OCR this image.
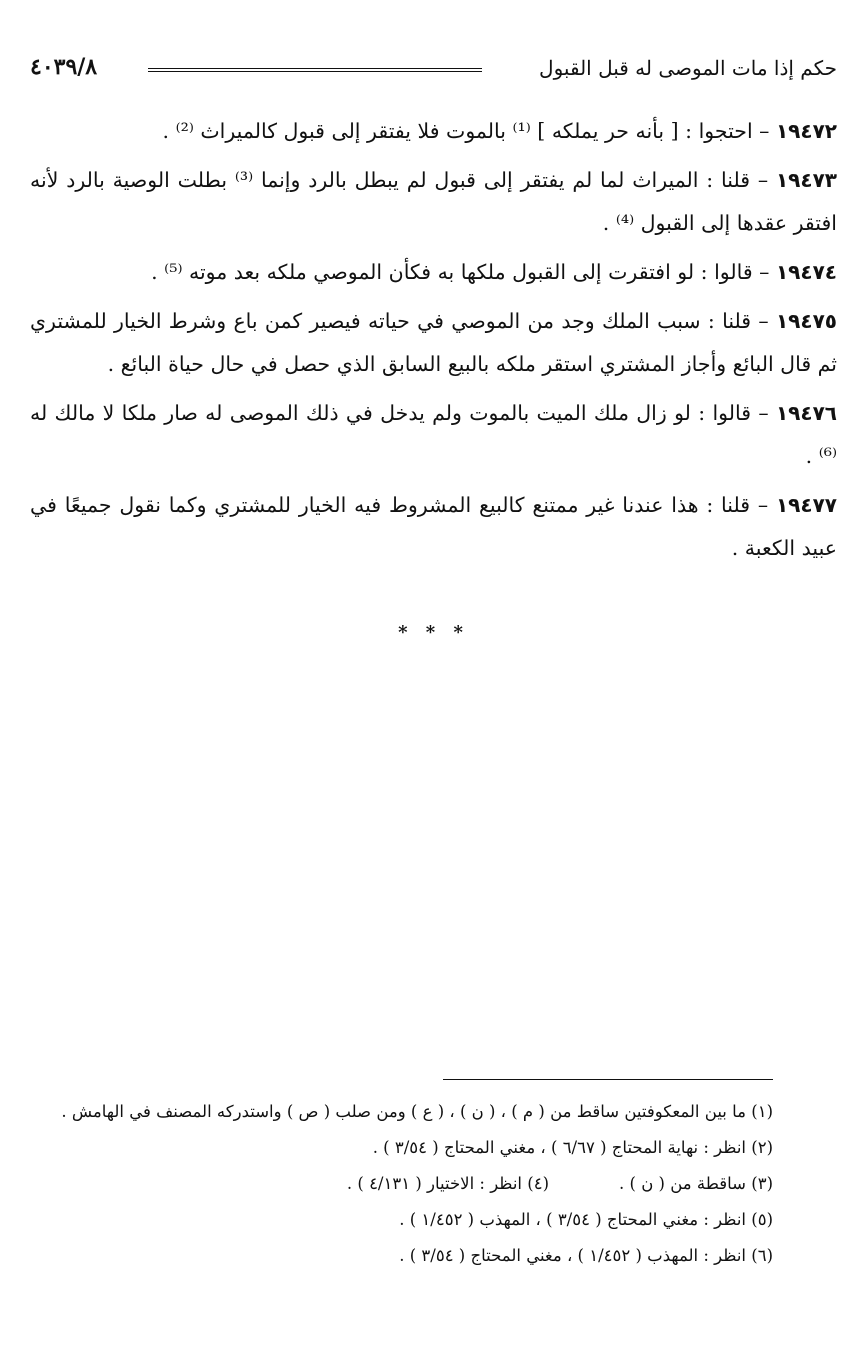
حكم إذا مات الموصى له قبل القبول
٤٠٣٩/٨

١٩٤٧٢ – احتجوا : [ بأنه حر يملكه ] ⁽¹⁾ بالموت فلا يفتقر إلى قبول كالميراث ⁽²⁾ .

١٩٤٧٣ – قلنا : الميراث لما لم يفتقر إلى قبول لم يبطل بالرد وإنما ⁽³⁾ بطلت الوصية بالرد لأنه افتقر عقدها إلى القبول ⁽⁴⁾ .

١٩٤٧٤ – قالوا : لو افتقرت إلى القبول ملكها به فكأن الموصي ملكه بعد موته ⁽⁵⁾ .

١٩٤٧٥ – قلنا : سبب الملك وجد من الموصي في حياته فيصير كمن باع وشرط الخيار للمشتري ثم قال البائع وأجاز المشتري استقر ملكه بالبيع السابق الذي حصل في حال حياة البائع .

١٩٤٧٦ – قالوا : لو زال ملك الميت بالموت ولم يدخل في ذلك الموصى له صار ملكا لا مالك له ⁽⁶⁾ .

١٩٤٧٧ – قلنا : هذا عندنا غير ممتنع كالبيع المشروط فيه الخيار للمشتري وكما نقول جميعًا في عبيد الكعبة .

* * *
(١) ما بين المعكوفتين ساقط من ( م ) ، ( ن ) ، ( ع ) ومن صلب ( ص ) واستدركه المصنف في الهامش .
(٢) انظر : نهاية المحتاج ( ٦/٦٧ ) ، مغني المحتاج ( ٣/٥٤ ) .
(٣) ساقطة من ( ن ) .(٤) انظر : الاختيار ( ٤/١٣١ ) .
(٥) انظر : مغني المحتاج ( ٣/٥٤ ) ، المهذب ( ١/٤٥٢ ) .
(٦) انظر : المهذب ( ١/٤٥٢ ) ، مغني المحتاج ( ٣/٥٤ ) .
